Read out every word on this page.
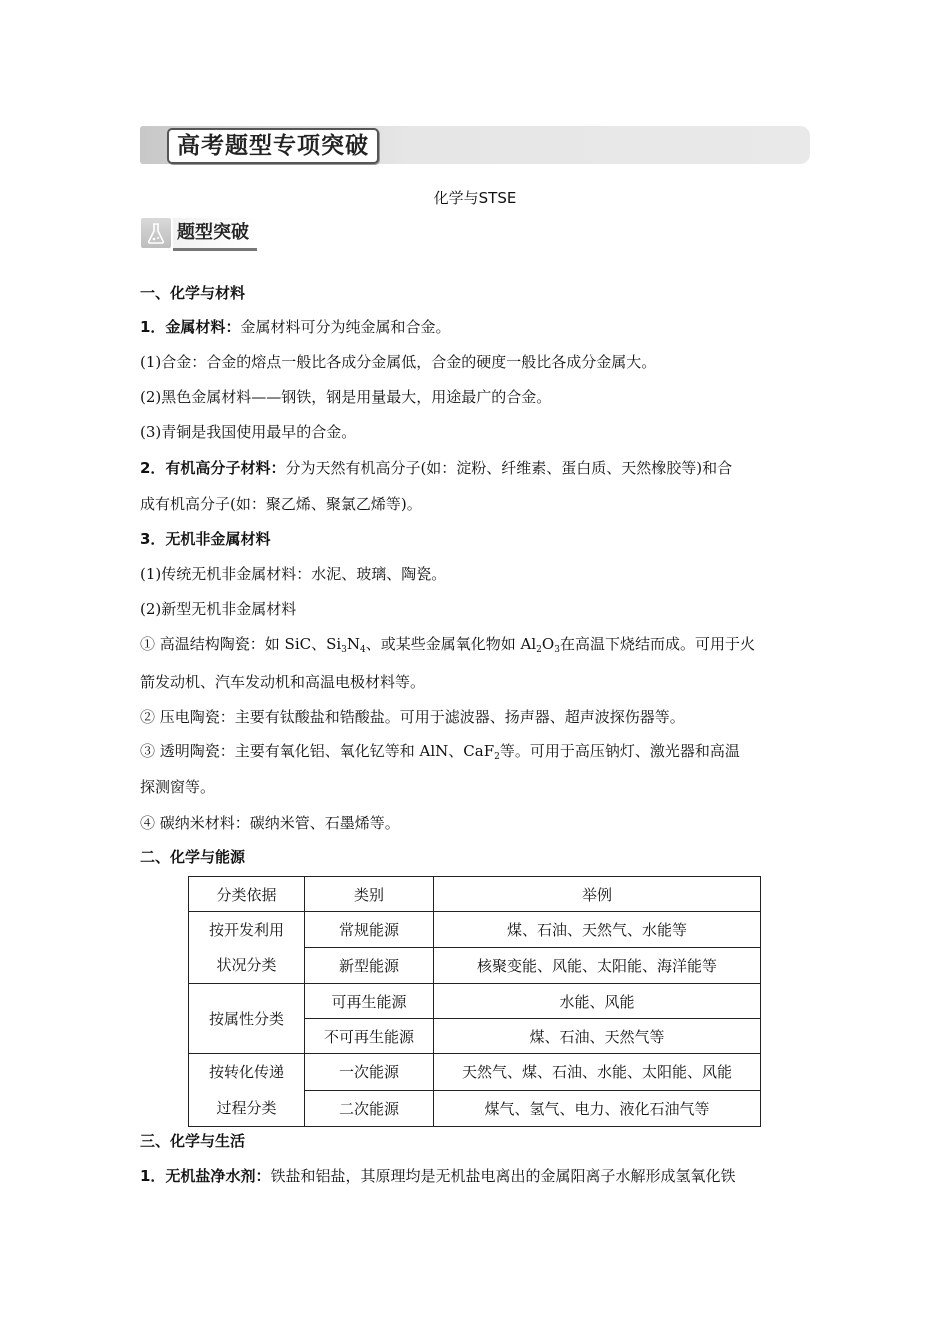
高考题型专项突破
化学与STSE
题型突破
一、化学与材料
1．金属材料：金属材料可分为纯金属和合金。
(1)合金：合金的熔点一般比各成分金属低，合金的硬度一般比各成分金属大。
(2)黑色金属材料——钢铁，钢是用量最大，用途最广的合金。
(3)青铜是我国使用最早的合金。
2．有机高分子材料：分为天然有机高分子(如：淀粉、纤维素、蛋白质、天然橡胶等)和合
成有机高分子(如：聚乙烯、聚氯乙烯等)。
3．无机非金属材料
(1)传统无机非金属材料：水泥、玻璃、陶瓷。
(2)新型无机非金属材料
① 高温结构陶瓷：如 SiC、$Si_3N_4$、或某些金属氧化物如 $Al_2O_3$在高温下烧结而成。可用于火
箭发动机、汽车发动机和高温电极材料等。
② 压电陶瓷：主要有钛酸盐和锆酸盐。可用于滤波器、扬声器、超声波探伤器等。
③ 透明陶瓷：主要有氧化铝、氧化钇等和 AlN、CaF$_2$等。可用于高压钠灯、激光器和高温
探测窗等。
④ 碳纳米材料：碳纳米管、石墨烯等。
二、化学与能源
分类依据	类别	举例

按开发利用
状况分类	常规能源	煤、石油、天然气、水能等
	新型能源	核聚变能、风能、太阳能、海洋能等
按属性分类	可再生能源	水能、风能
	不可再生能源	煤、石油、天然气等

按转化传递
过程分类	一次能源	天然气、煤、石油、水能、太阳能、风能
	二次能源	煤气、氢气、电力、液化石油气等
三、化学与生活
1．无机盐净水剂：铁盐和铝盐，其原理均是无机盐电离出的金属阳离子水解形成氢氧化铁
